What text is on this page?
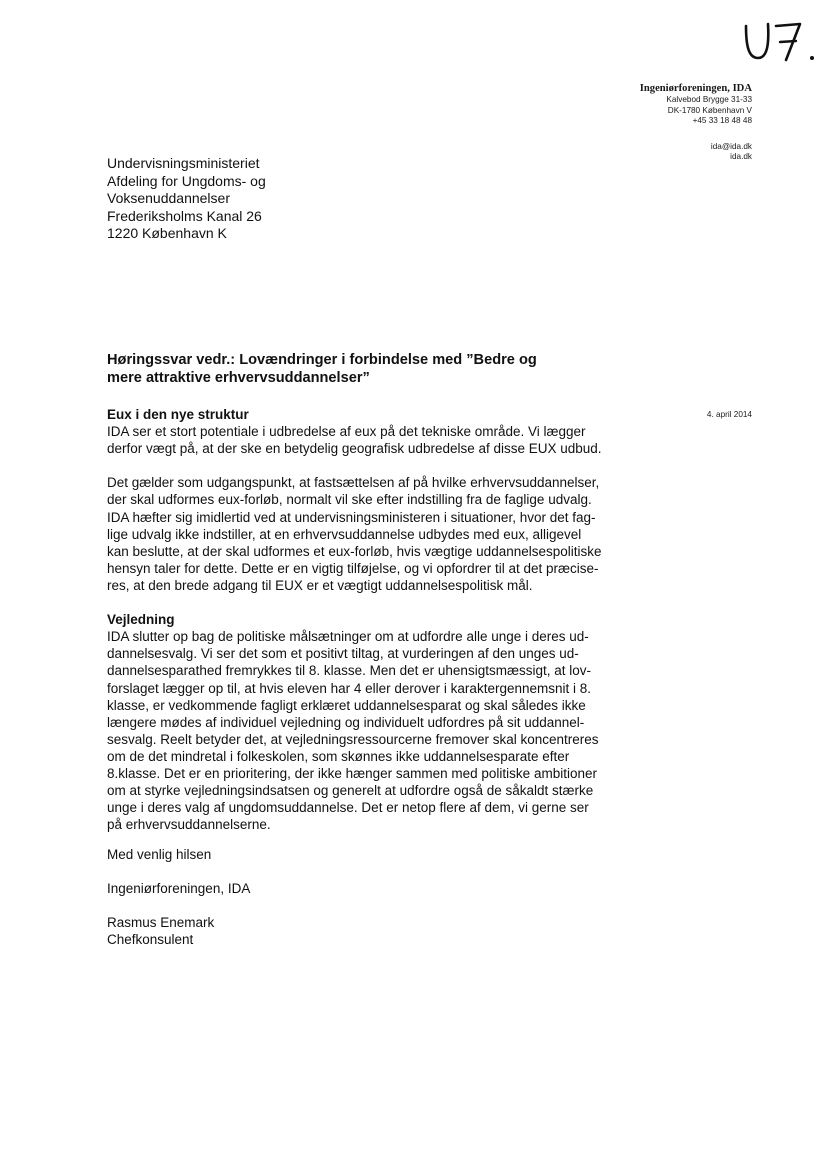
Ingeniørforeningen, IDA
Kalvebod Brygge 31-33
DK-1780 København V
+45 33 18 48 48
ida@ida.dk
ida.dk
Undervisningsministeriet
Afdeling for Ungdoms- og
Voksenuddannelser
Frederiksholms Kanal 26
1220 København K
Høringssvar vedr.: Lovændringer i forbindelse med ”Bedre og
mere attraktive erhvervsuddannelser”
4. april 2014
Eux i den nye struktur

IDA ser et stort potentiale i udbredelse af eux på det tekniske område. Vi lægger
derfor vægt på, at der ske en betydelig geografisk udbredelse af disse EUX udbud.

Det gælder som udgangspunkt, at fastsættelsen af på hvilke erhvervsuddannelser,
der skal udformes eux-forløb, normalt vil ske efter indstilling fra de faglige udvalg.
IDA hæfter sig imidlertid ved at undervisningsministeren i situationer, hvor det fag-
lige udvalg ikke indstiller, at en erhvervsuddannelse udbydes med eux, alligevel
kan beslutte, at der skal udformes et eux-forløb, hvis vægtige uddannelsespolitiske
hensyn taler for dette. Dette er en vigtig tilføjelse, og vi opfordrer til at det præcise-
res, at den brede adgang til EUX er et vægtigt uddannelsespolitisk mål.

Vejledning

IDA slutter op bag de politiske målsætninger om at udfordre alle unge i deres ud-
dannelsesvalg. Vi ser det som et positivt tiltag, at vurderingen af den unges ud-
dannelsesparathed fremrykkes til 8. klasse. Men det er uhensigtsmæssigt, at lov-
forslaget lægger op til, at hvis eleven har 4 eller derover i karaktergennemsnit i 8.
klasse, er vedkommende fagligt erklæret uddannelsesparat og skal således ikke
længere mødes af individuel vejledning og individuelt udfordres på sit uddannel-
sesvalg. Reelt betyder det, at vejledningsressourcerne fremover skal koncentreres
om de det mindretal i folkeskolen, som skønnes ikke uddannelsesparate efter
8.klasse. Det er en prioritering, der ikke hænger sammen med politiske ambitioner
om at styrke vejledningsindsatsen og generelt at udfordre også de såkaldt stærke
unge i deres valg af ungdomsuddannelse. Det er netop flere af dem, vi gerne ser
på erhvervsuddannelserne.

Med venlig hilsen
Ingeniørforeningen, IDA
Rasmus Enemark
Chefkonsulent
